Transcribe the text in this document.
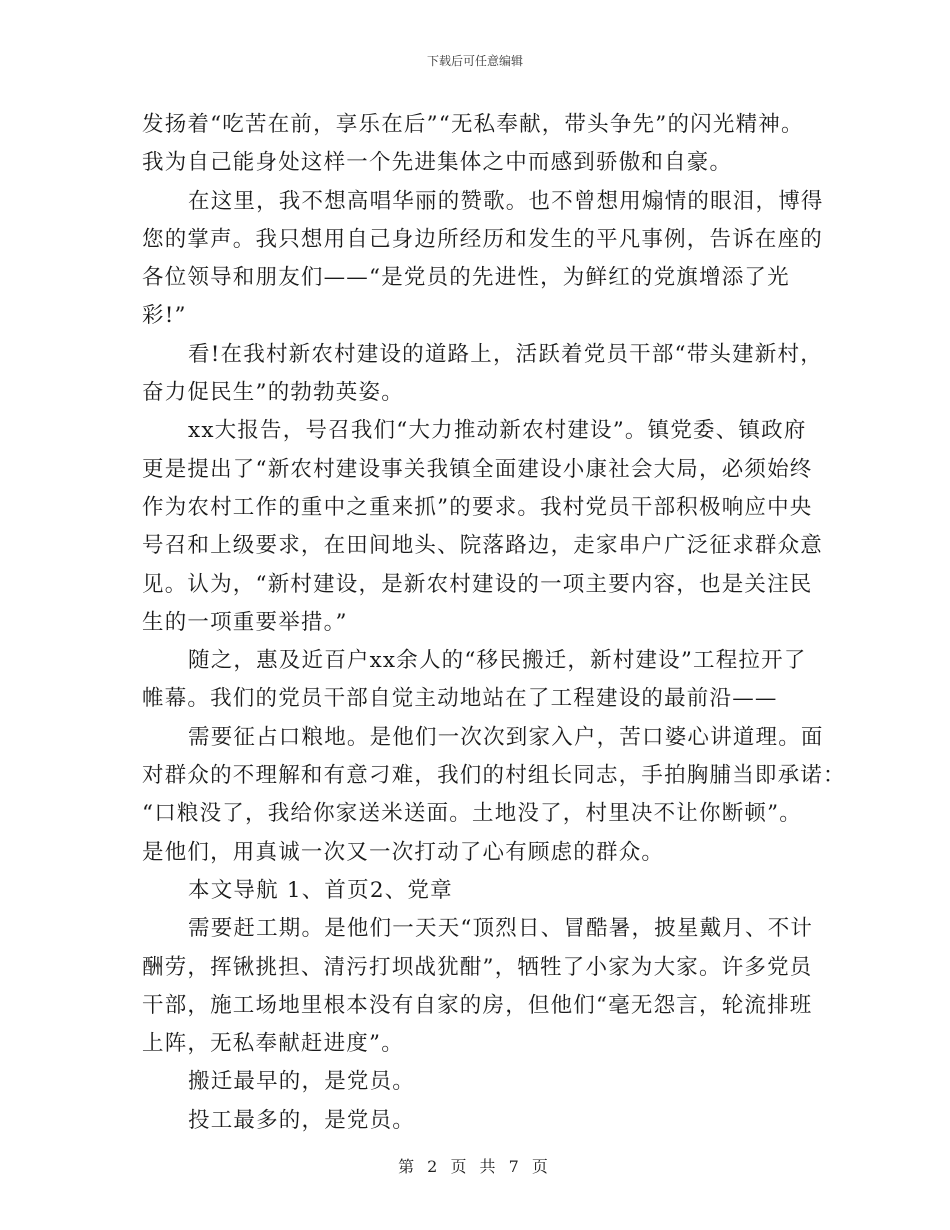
下载后可任意编辑
发扬着“吃苦在前，享乐在后”“无私奉献，带头争先”的闪光精神。
我为自己能身处这样一个先进集体之中而感到骄傲和自豪。
在这里，我不想高唱华丽的赞歌。也不曾想用煽情的眼泪，博得
您的掌声。我只想用自己身边所经历和发生的平凡事例，告诉在座的
各位领导和朋友们——“是党员的先进性，为鲜红的党旗增添了光
彩!”
看!在我村新农村建设的道路上，活跃着党员干部“带头建新村，
奋力促民生”的勃勃英姿。
xx大报告，号召我们“大力推动新农村建设”。镇党委、镇政府
更是提出了“新农村建设事关我镇全面建设小康社会大局，必须始终
作为农村工作的重中之重来抓”的要求。我村党员干部积极响应中央
号召和上级要求，在田间地头、院落路边，走家串户广泛征求群众意
见。认为，“新村建设，是新农村建设的一项主要内容，也是关注民
生的一项重要举措。”
随之，惠及近百户xx余人的“移民搬迁，新村建设”工程拉开了
帷幕。我们的党员干部自觉主动地站在了工程建设的最前沿——
需要征占口粮地。是他们一次次到家入户，苦口婆心讲道理。面
对群众的不理解和有意刁难，我们的村组长同志，手拍胸脯当即承诺：
“口粮没了，我给你家送米送面。土地没了，村里决不让你断顿”。
是他们，用真诚一次又一次打动了心有顾虑的群众。
本文导航 1、首页2、党章
需要赶工期。是他们一天天“顶烈日、冒酷暑，披星戴月、不计
酬劳，挥锹挑担、清污打坝战犹酣”，牺牲了小家为大家。许多党员
干部，施工场地里根本没有自家的房，但他们“毫无怨言，轮流排班
上阵，无私奉献赶进度”。
搬迁最早的，是党员。
投工最多的，是党员。
第 2 页 共 7 页
